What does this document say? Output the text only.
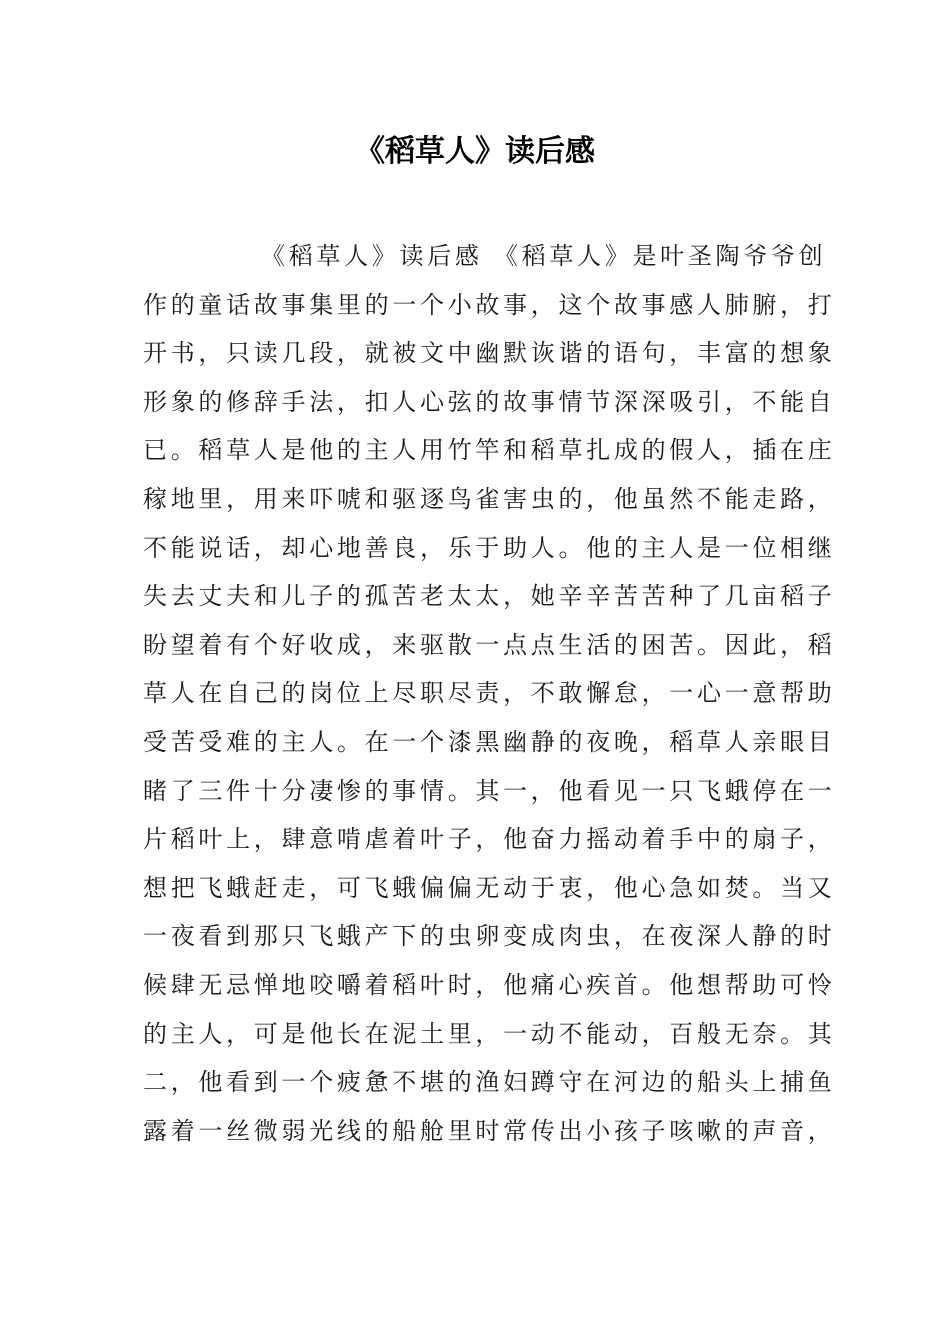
《稻草人》读后感
《稻草人》读后感 《稻草人》是叶圣陶爷爷创
作的童话故事集里的一个小故事，这个故事感人肺腑，打
开书，只读几段，就被文中幽默诙谐的语句，丰富的想象
形象的修辞手法，扣人心弦的故事情节深深吸引，不能自
已。稻草人是他的主人用竹竿和稻草扎成的假人，插在庄
稼地里，用来吓唬和驱逐鸟雀害虫的，他虽然不能走路，
不能说话，却心地善良，乐于助人。他的主人是一位相继
失去丈夫和儿子的孤苦老太太，她辛辛苦苦种了几亩稻子
盼望着有个好收成，来驱散一点点生活的困苦。因此，稻
草人在自己的岗位上尽职尽责，不敢懈怠，一心一意帮助
受苦受难的主人。在一个漆黑幽静的夜晚，稻草人亲眼目
睹了三件十分凄惨的事情。其一，他看见一只飞蛾停在一
片稻叶上，肆意啃虐着叶子，他奋力摇动着手中的扇子，
想把飞蛾赶走，可飞蛾偏偏无动于衷，他心急如焚。当又
一夜看到那只飞蛾产下的虫卵变成肉虫，在夜深人静的时
候肆无忌惮地咬嚼着稻叶时，他痛心疾首。他想帮助可怜
的主人，可是他长在泥土里，一动不能动，百般无奈。其
二，他看到一个疲惫不堪的渔妇蹲守在河边的船头上捕鱼
露着一丝微弱光线的船舱里时常传出小孩子咳嗽的声音，
